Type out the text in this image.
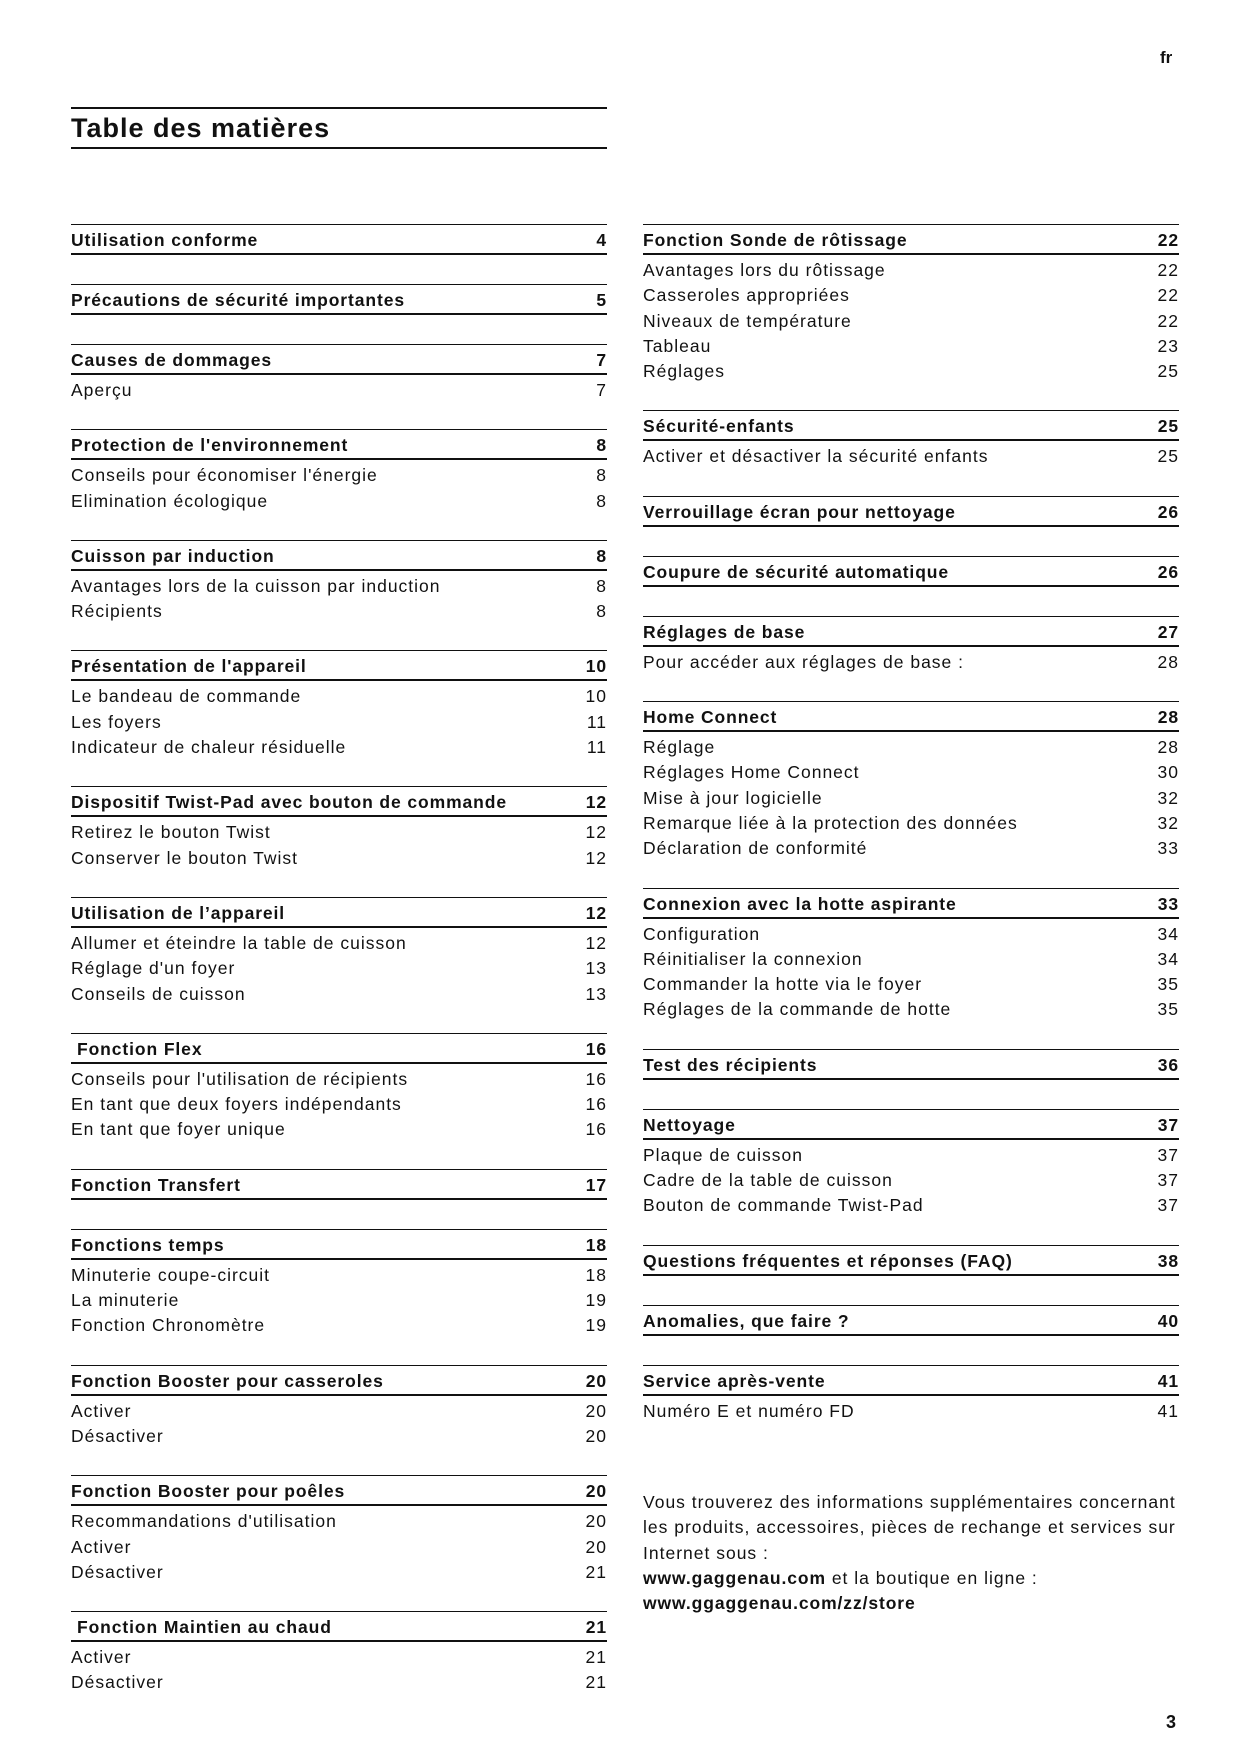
fr
Table des matières
Utilisation conforme	4
Précautions de sécurité importantes	5
Causes de dommages	7
Aperçu	7
Protection de l'environnement	8
Conseils pour économiser l'énergie	8
Elimination écologique	8
Cuisson par induction	8
Avantages lors de la cuisson par induction	8
Récipients	8
Présentation de l'appareil	10
Le bandeau de commande	10
Les foyers	11
Indicateur de chaleur résiduelle	11
Dispositif Twist-Pad avec bouton de commande	12
Retirez le bouton Twist	12
Conserver le bouton Twist	12
Utilisation de l’appareil	12
Allumer et éteindre la table de cuisson	12
Réglage d'un foyer	13
Conseils de cuisson	13
Fonction Flex	16
Conseils pour l'utilisation de récipients	16
En tant que deux foyers indépendants	16
En tant que foyer unique	16
Fonction Transfert	17
Fonctions temps	18
Minuterie coupe-circuit	18
La minuterie	19
Fonction Chronomètre	19
Fonction Booster pour casseroles	20
Activer	20
Désactiver	20
Fonction Booster pour poêles	20
Recommandations d'utilisation	20
Activer	20
Désactiver	21
Fonction Maintien au chaud	21
Activer	21
Désactiver	21
Fonction Sonde de rôtissage	22
Avantages lors du rôtissage	22
Casseroles appropriées	22
Niveaux de température	22
Tableau	23
Réglages	25
Sécurité-enfants	25
Activer et désactiver la sécurité enfants	25
Verrouillage écran pour nettoyage	26
Coupure de sécurité automatique	26
Réglages de base	27
Pour accéder aux réglages de base :	28
Home Connect	28
Réglage	28
Réglages Home Connect	30
Mise à jour logicielle	32
Remarque liée à la protection des données	32
Déclaration de conformité	33
Connexion avec la hotte aspirante	33
Configuration	34
Réinitialiser la connexion	34
Commander la hotte via le foyer	35
Réglages de la commande de hotte	35
Test des récipients	36
Nettoyage	37
Plaque de cuisson	37
Cadre de la table de cuisson	37
Bouton de commande Twist-Pad	37
Questions fréquentes et réponses (FAQ)	38
Anomalies, que faire ?	40
Service après-vente	41
Numéro E et numéro FD	41
Vous trouverez des informations supplémentaires concernant les produits, accessoires, pièces de rechange et services sur Internet sous :
www.gaggenau.com et la boutique en ligne :
www.ggaggenau.com/zz/store
3
